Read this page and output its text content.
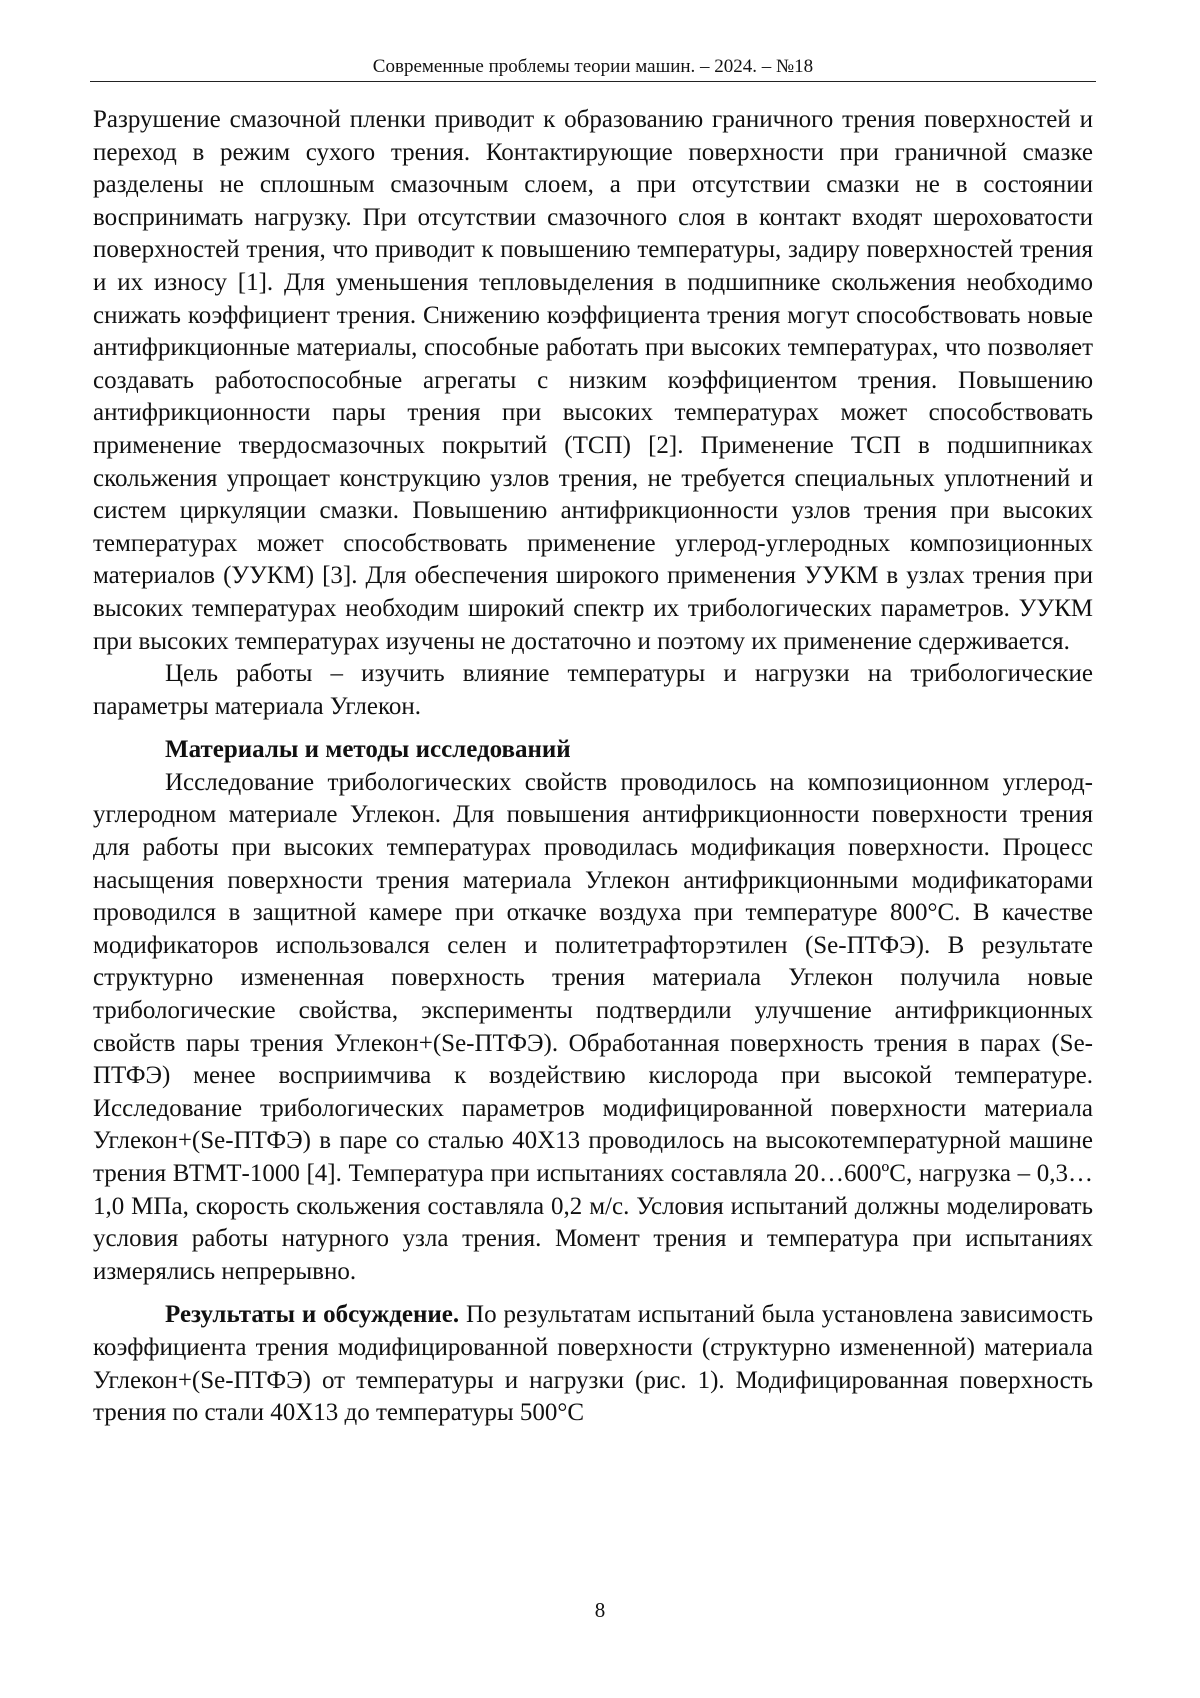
Современные проблемы теории машин. – 2024. – №18

Разрушение смазочной пленки приводит к образованию граничного трения поверхностей и переход в режим сухого трения. Контактирующие поверхности при граничной смазке разделены не сплошным смазочным слоем, а при отсутствии смазки не в состоянии воспринимать нагрузку. При отсутствии смазочного слоя в контакт входят шероховатости поверхностей трения, что приводит к повышению температуры, задиру поверхностей трения и их износу [1]. Для уменьшения тепловыделения в подшипнике скольжения необходимо снижать коэффициент трения. Снижению коэффициента трения могут способствовать новые антифрикционные материалы, способные работать при высоких температурах, что позволяет создавать работоспособные агрегаты с низким коэффициентом трения. Повышению антифрикционности пары трения при высоких температурах может способствовать применение твердосмазочных покрытий (ТСП) [2]. Применение ТСП в подшипниках скольжения упрощает конструкцию узлов трения, не требуется специальных уплотнений и систем циркуляции смазки. Повышению антифрикционности узлов трения при высоких температурах может способствовать применение углерод-углеродных композиционных материалов (УУКМ) [3]. Для обеспечения широкого применения УУКМ в узлах трения при высоких температурах необходим широкий спектр их трибологических параметров. УУКМ при высоких температурах изучены не достаточно и поэтому их применение сдерживается.

Цель работы – изучить влияние температуры и нагрузки на трибологические параметры материала Углекон.

Материалы и методы исследований

Исследование трибологических свойств проводилось на композиционном углерод-углеродном материале Углекон. Для повышения антифрикционности поверхности трения для работы при высоких температурах проводилась модификация поверхности. Процесс насыщения поверхности трения материала Углекон антифрикционными модификаторами проводился в защитной камере при откачке воздуха при температуре 800°С. В качестве модификаторов использовался селен и политетрафторэтилен (Se-ПТФЭ). В результате структурно измененная поверхность трения материала Углекон получила новые трибологические свойства, эксперименты подтвердили улучшение антифрикционных свойств пары трения Углекон+(Se-ПТФЭ). Обработанная поверхность трения в парах (Se-ПТФЭ) менее восприимчива к воздействию кислорода при высокой температуре. Исследование трибологических параметров модифицированной поверхности материала Углекон+(Se-ПТФЭ) в паре со сталью 40Х13 проводилось на высокотемпературной машине трения ВТМТ-1000 [4]. Температура при испытаниях составляла 20…600ºС, нагрузка – 0,3…1,0 МПа, скорость скольжения составляла 0,2 м/с. Условия испытаний должны моделировать условия работы натурного узла трения. Момент трения и температура при испытаниях измерялись непрерывно.

Результаты и обсуждение. По результатам испытаний была установлена зависимость коэффициента трения модифицированной поверхности (структурно измененной) материала Углекон+(Se-ПТФЭ) от температуры и нагрузки (рис. 1). Модифицированная поверхность трения по стали 40Х13 до температуры 500°С

8
